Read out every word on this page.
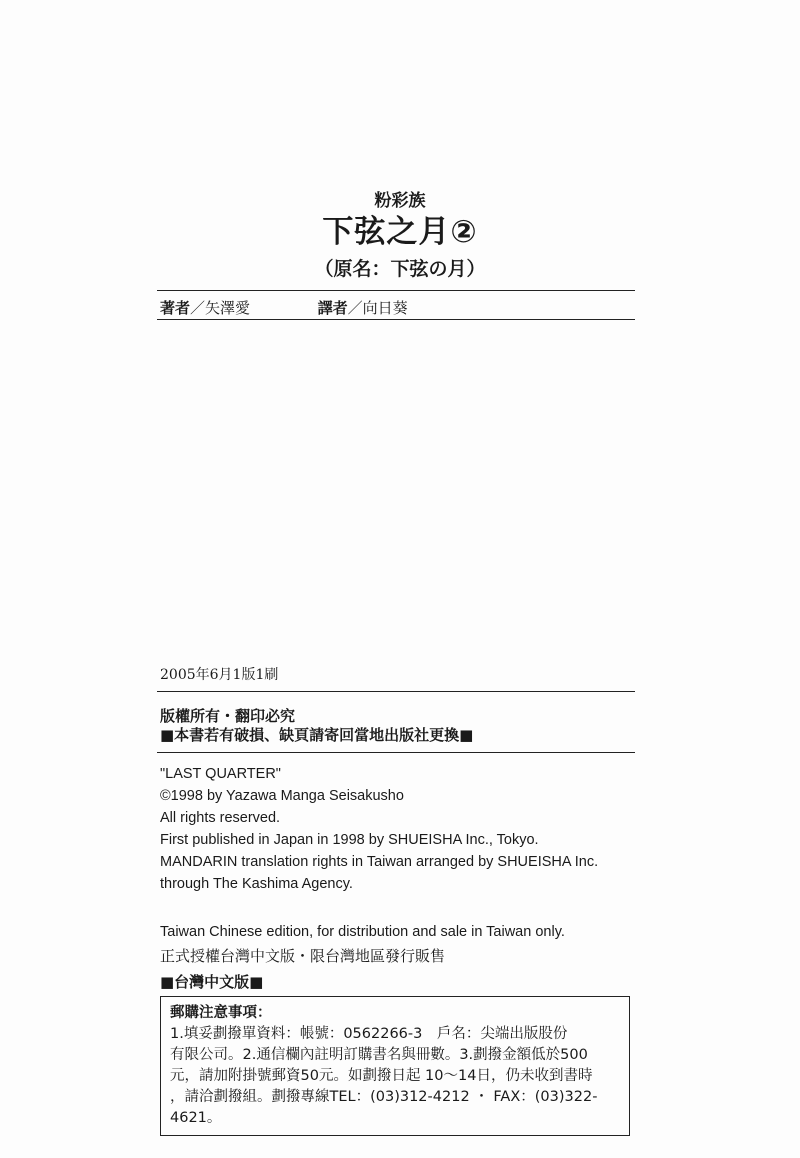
粉彩族
下弦之月②
（原名：下弦の月）
著者／矢澤愛	譯者／向日葵
2005年6月1版1刷
版權所有・翻印必究
■本書若有破損、缺頁請寄回當地出版社更換■
"LAST QUARTER"
©1998 by Yazawa Manga Seisakusho
All rights reserved.
First published in Japan in 1998 by SHUEISHA Inc., Tokyo.
MANDARIN translation rights in Taiwan arranged by SHUEISHA Inc.
through The Kashima Agency.
Taiwan Chinese edition, for distribution and sale in Taiwan only.
正式授權台灣中文版・限台灣地區發行販售
■台灣中文版■
郵購注意事項：
1.填妥劃撥單資料：帳號：0562266-3　戶名：尖端出版股份
有限公司。2.通信欄內註明訂購書名與冊數。3.劃撥金額低於500
元，請加附掛號郵資50元。如劃撥日起 10～14日，仍未收到書時
，請洽劃撥組。劃撥專線TEL：(03)312-4212 ・ FAX：(03)322-
4621。
